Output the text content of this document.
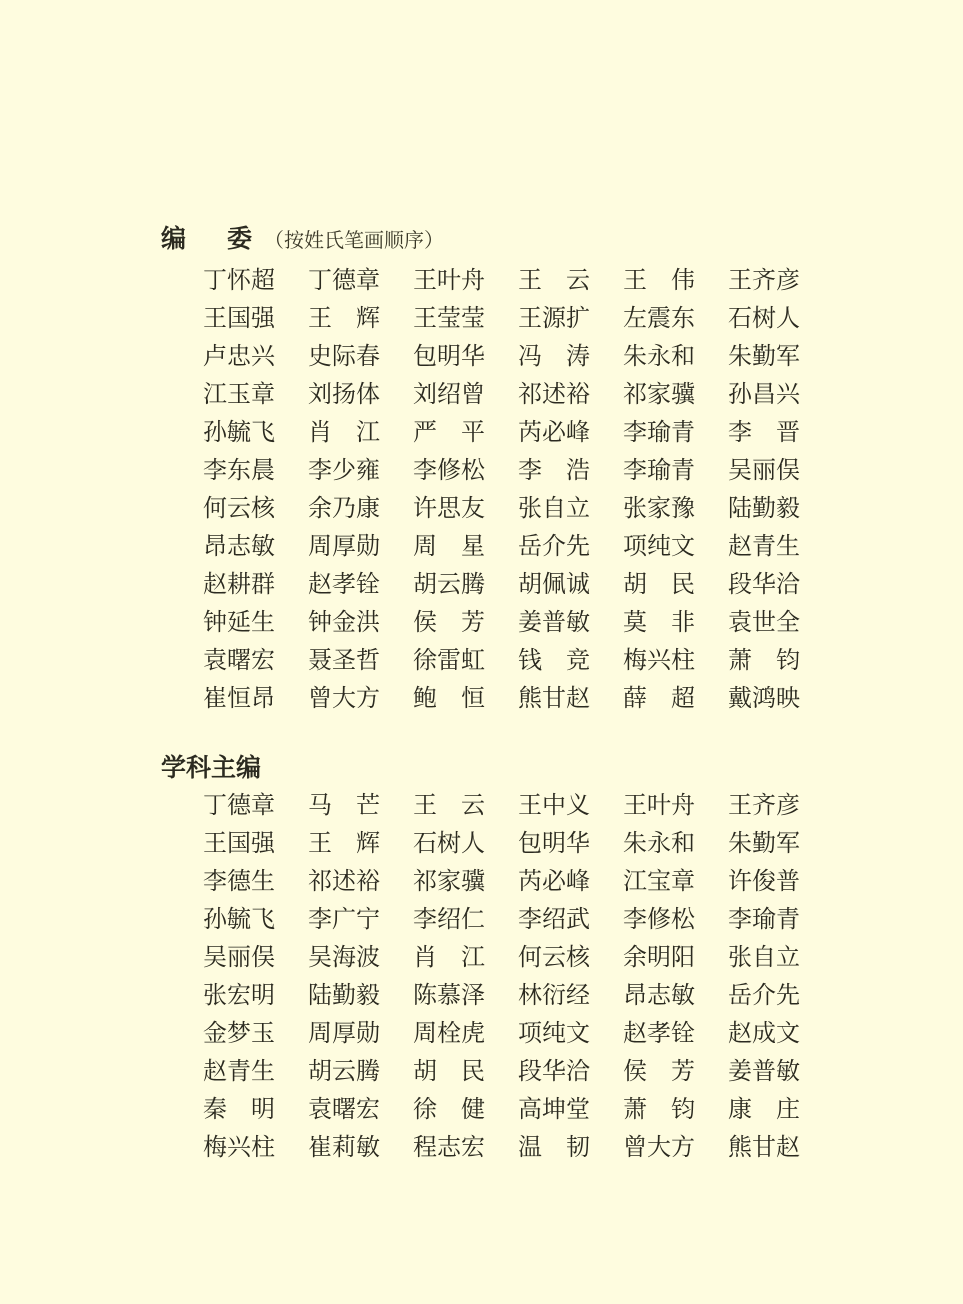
编　委 （按姓氏笔画顺序）
丁怀超 丁德章 王叶舟 王　云 王　伟 王齐彦
王国强 王　辉 王莹莹 王源扩 左震东 石树人
卢忠兴 史际春 包明华 冯　涛 朱永和 朱勤军
江玉章 刘扬体 刘绍曾 祁述裕 祁家骥 孙昌兴
孙毓飞 肖　江 严　平 芮必峰 李瑜青 李　晋
李东晨 李少雍 李修松 李　浩 李瑜青 吴丽俣
何云核 余乃康 许思友 张自立 张家豫 陆勤毅
昂志敏 周厚勋 周　星 岳介先 项纯文 赵青生
赵耕群 赵孝铨 胡云腾 胡佩诚 胡　民 段华洽
钟延生 钟金洪 侯　芳 姜普敏 莫　非 袁世全
袁曙宏 聂圣哲 徐雷虹 钱　竞 梅兴柱 萧　钧
崔恒昂 曾大方 鲍　恒 熊甘赵 薛　超 戴鸿映
学科主编
丁德章 马　芒 王　云 王中义 王叶舟 王齐彦
王国强 王　辉 石树人 包明华 朱永和 朱勤军
李德生 祁述裕 祁家骥 芮必峰 江宝章 许俊普
孙毓飞 李广宁 李绍仁 李绍武 李修松 李瑜青
吴丽俣 吴海波 肖　江 何云核 余明阳 张自立
张宏明 陆勤毅 陈慕泽 林衍经 昂志敏 岳介先
金梦玉 周厚勋 周栓虎 项纯文 赵孝铨 赵成文
赵青生 胡云腾 胡　民 段华洽 侯　芳 姜普敏
秦　明 袁曙宏 徐　健 高坤堂 萧　钧 康　庄
梅兴柱 崔莉敏 程志宏 温　韧 曾大方 熊甘赵
